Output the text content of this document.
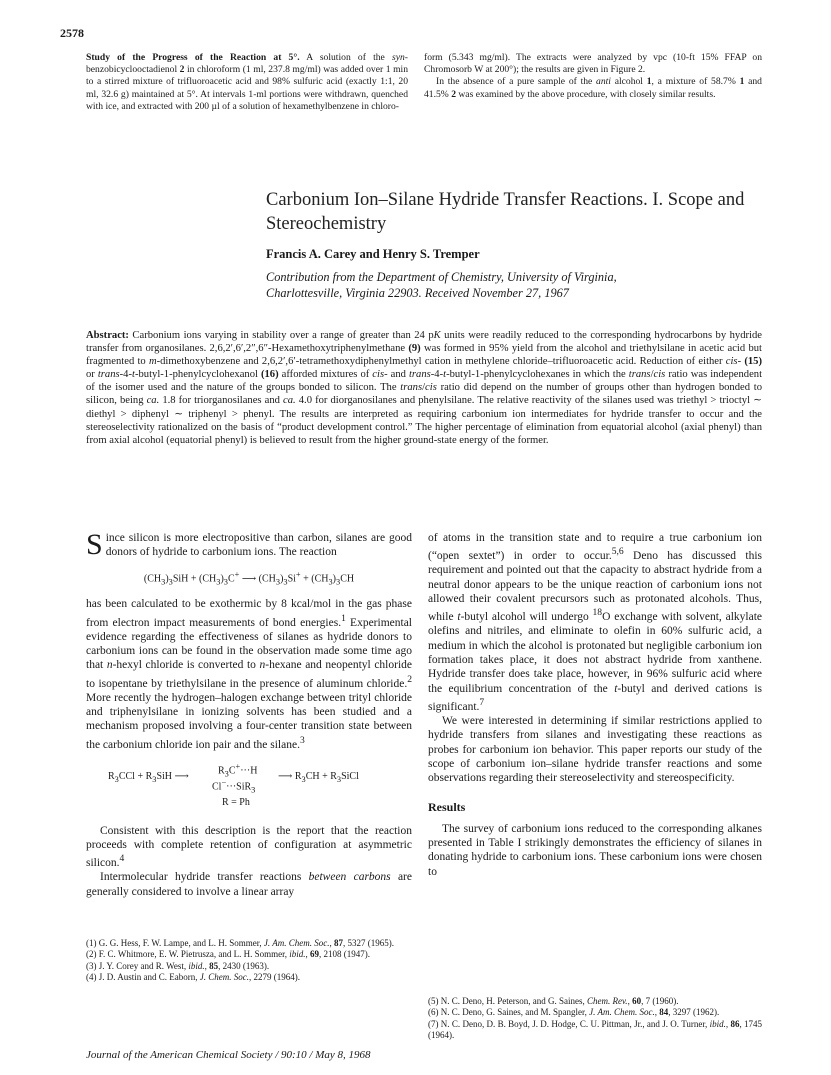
2578
Study of the Progress of the Reaction at 5°. A solution of the syn-benzobicyclooctadienol 2 in chloroform (1 ml, 237.8 mg/ml) was added over 1 min to a stirred mixture of trifluoroacetic acid and 98% sulfuric acid (exactly 1:1, 20 ml, 32.6 g) maintained at 5°. At intervals 1-ml portions were withdrawn, quenched with ice, and extracted with 200 µl of a solution of hexamethylbenzene in chloro-

form (5.343 mg/ml). The extracts were analyzed by vpc (10-ft 15% FFAP on Chromosorb W at 200°); the results are given in Figure 2.

In the absence of a pure sample of the anti alcohol 1, a mixture of 58.7% 1 and 41.5% 2 was examined by the above procedure, with closely similar results.

Carbonium Ion–Silane Hydride Transfer Reactions. I. Scope and Stereochemistry
Francis A. Carey and Henry S. Tremper
Contribution from the Department of Chemistry, University of Virginia,
Charlottesville, Virginia 22903. Received November 27, 1967
Abstract: Carbonium ions varying in stability over a range of greater than 24 pK units were readily reduced to the corresponding hydrocarbons by hydride transfer from organosilanes. 2,6,2′,6′,2″,6″-Hexamethoxytriphenylmethane (9) was formed in 95% yield from the alcohol and triethylsilane in acetic acid but fragmented to m-dimethoxybenzene and 2,6,2′,6′-tetramethoxydiphenylmethyl cation in methylene chloride–trifluoroacetic acid. Reduction of either cis- (15) or trans-4-t-butyl-1-phenylcyclohexanol (16) afforded mixtures of cis- and trans-4-t-butyl-1-phenylcyclohexanes in which the trans/cis ratio was independent of the isomer used and the nature of the groups bonded to silicon. The trans/cis ratio did depend on the number of groups other than hydrogen bonded to silicon, being ca. 1.8 for triorganosilanes and ca. 4.0 for diorganosilanes and phenylsilane. The relative reactivity of the silanes used was triethyl > trioctyl ∼ diethyl > diphenyl ∼ triphenyl > phenyl. The results are interpreted as requiring carbonium ion intermediates for hydride transfer to occur and the stereoselectivity rationalized on the basis of “product development control.” The higher percentage of elimination from equatorial alcohol (axial phenyl) than from axial alcohol (equatorial phenyl) is believed to result from the higher ground-state energy of the former.

Since silicon is more electropositive than carbon, silanes are good donors of hydride to carbonium ions. The reaction

$(CH_3)_3SiH + (CH_3)_3C^+$ ⟶ $(CH_3)_3Si^+ + (CH_3)_3CH$

has been calculated to be exothermic by 8 kcal/mol in the gas phase from electron impact measurements of bond energies.$^1$ Experimental evidence regarding the effectiveness of silanes as hydride donors to carbonium ions can be found in the observation made some time ago that n-hexyl chloride is converted to n-hexane and neopentyl chloride to isopentane by triethylsilane in the presence of aluminum chloride.$^2$ More recently the hydrogen–halogen exchange between trityl chloride and triphenylsilane in ionizing solvents has been studied and a mechanism proposed involving a four-center transition state between the carbonium chloride ion pair and the silane.$^3$

$R_3CCl + R_3SiH$ ⟶
$R_3C^+\cdot\cdot\cdot H$
Cl−···SiR$_3$
⟶ $R_3CH$ + $R_3SiCl$
R = Ph

Consistent with this description is the report that the reaction proceeds with complete retention of configuration at asymmetric silicon.$^4$

Intermolecular hydride transfer reactions between carbons are generally considered to involve a linear array

of atoms in the transition state and to require a true carbonium ion (“open sextet”) in order to occur.$^{5,6}$ Deno has discussed this requirement and pointed out that the capacity to abstract hydride from a neutral donor appears to be the unique reaction of carbonium ions not allowed their covalent precursors such as protonated alcohols. Thus, while t-butyl alcohol will undergo $^{18}$O exchange with solvent, alkylate olefins and nitriles, and eliminate to olefin in 60% sulfuric acid, a medium in which the alcohol is protonated but negligible carbonium ion formation takes place, it does not abstract hydride from xanthene. Hydride transfer does take place, however, in 96% sulfuric acid where the equilibrium concentration of the t-butyl and derived cations is significant.$^7$

We were interested in determining if similar restrictions applied to hydride transfers from silanes and investigating these reactions as probes for carbonium ion behavior. This paper reports our study of the scope of carbonium ion–silane hydride transfer reactions and some observations regarding their stereoselectivity and stereospecificity.

Results

The survey of carbonium ions reduced to the corresponding alkanes presented in Table I strikingly demonstrates the efficiency of silanes in donating hydride to carbonium ions. These carbonium ions were chosen to

(1) G. G. Hess, F. W. Lampe, and L. H. Sommer, J. Am. Chem. Soc., 87, 5327 (1965).

(2) F. C. Whitmore, E. W. Pietrusza, and L. H. Sommer, ibid., 69, 2108 (1947).

(3) J. Y. Corey and R. West, ibid., 85, 2430 (1963).

(4) J. D. Austin and C. Eaborn, J. Chem. Soc., 2279 (1964).

(5) N. C. Deno, H. Peterson, and G. Saines, Chem. Rev., 60, 7 (1960).

(6) N. C. Deno, G. Saines, and M. Spangler, J. Am. Chem. Soc., 84, 3297 (1962).

(7) N. C. Deno, D. B. Boyd, J. D. Hodge, C. U. Pittman, Jr., and J. O. Turner, ibid., 86, 1745 (1964).

Journal of the American Chemical Society / 90:10 / May 8, 1968
